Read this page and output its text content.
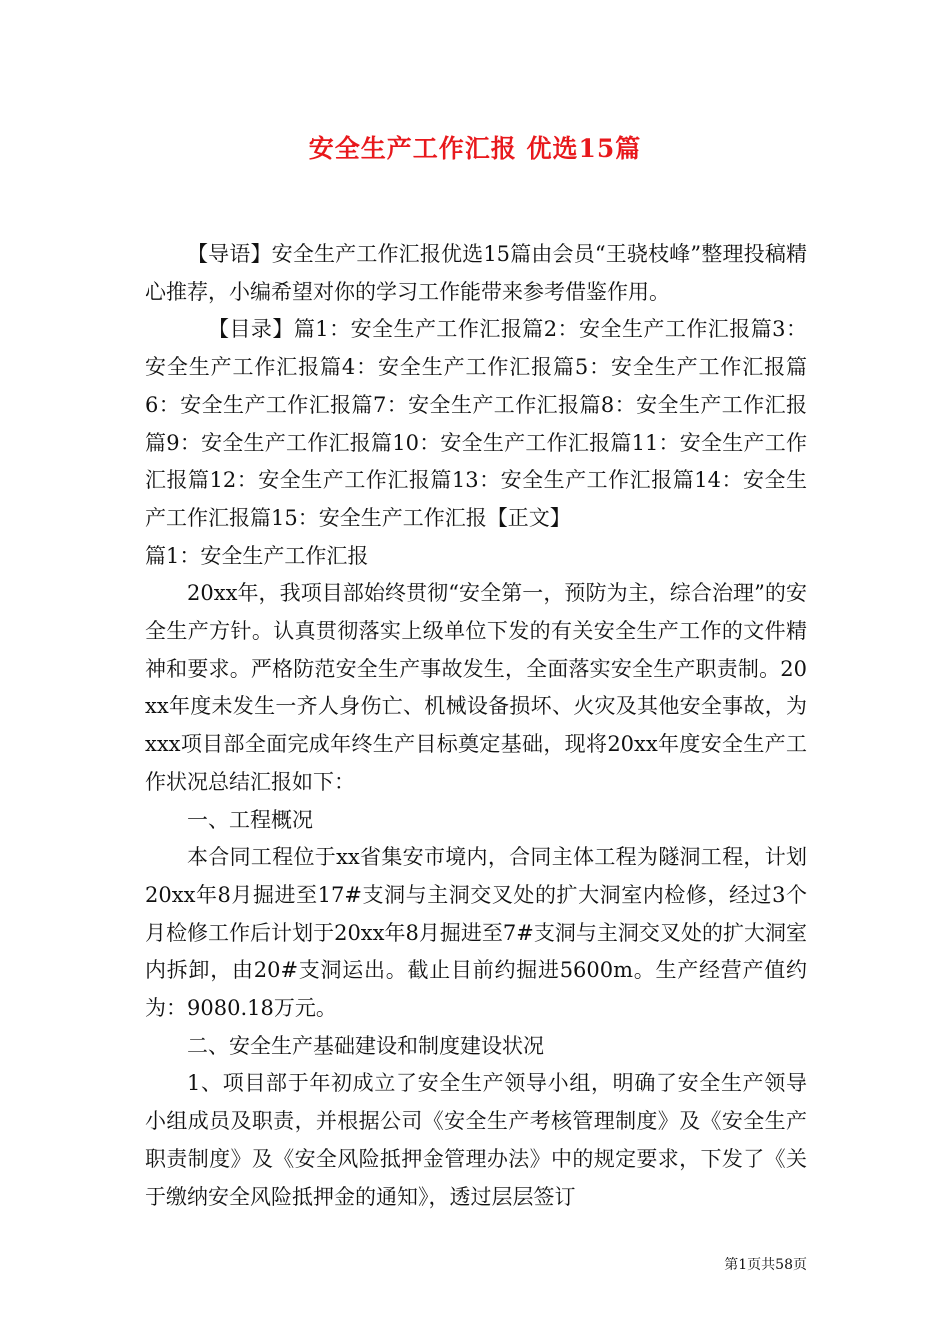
安全生产工作汇报 优选15篇

【导语】安全生产工作汇报优选15篇由会员“王骁枝峰”整理投稿精心推荐，小编希望对你的学习工作能带来参考借鉴作用。

【目录】篇1：安全生产工作汇报篇2：安全生产工作汇报篇3：安全生产工作汇报篇4：安全生产工作汇报篇5：安全生产工作汇报篇6：安全生产工作汇报篇7：安全生产工作汇报篇8：安全生产工作汇报篇9：安全生产工作汇报篇10：安全生产工作汇报篇11：安全生产工作汇报篇12：安全生产工作汇报篇13：安全生产工作汇报篇14：安全生产工作汇报篇15：安全生产工作汇报【正文】

篇1：安全生产工作汇报

20xx年，我项目部始终贯彻“安全第一，预防为主，综合治理”的安全生产方针。认真贯彻落实上级单位下发的有关安全生产工作的文件精神和要求。严格防范安全生产事故发生，全面落实安全生产职责制。20xx年度未发生一齐人身伤亡、机械设备损坏、火灾及其他安全事故，为xxx项目部全面完成年终生产目标奠定基础，现将20xx年度安全生产工作状况总结汇报如下：

一、工程概况

本合同工程位于xx省集安市境内，合同主体工程为隧洞工程，计划20xx年8月掘进至17#支洞与主洞交叉处的扩大洞室内检修，经过3个月检修工作后计划于20xx年8月掘进至7#支洞与主洞交叉处的扩大洞室内拆卸，由20#支洞运出。截止目前约掘进5600m。生产经营产值约为：9080.18万元。

二、安全生产基础建设和制度建设状况

1、项目部于年初成立了安全生产领导小组，明确了安全生产领导小组成员及职责，并根据公司《安全生产考核管理制度》及《安全生产职责制度》及《安全风险抵押金管理办法》中的规定要求，下发了《关于缴纳安全风险抵押金的通知》，透过层层签订

第1页共58页
